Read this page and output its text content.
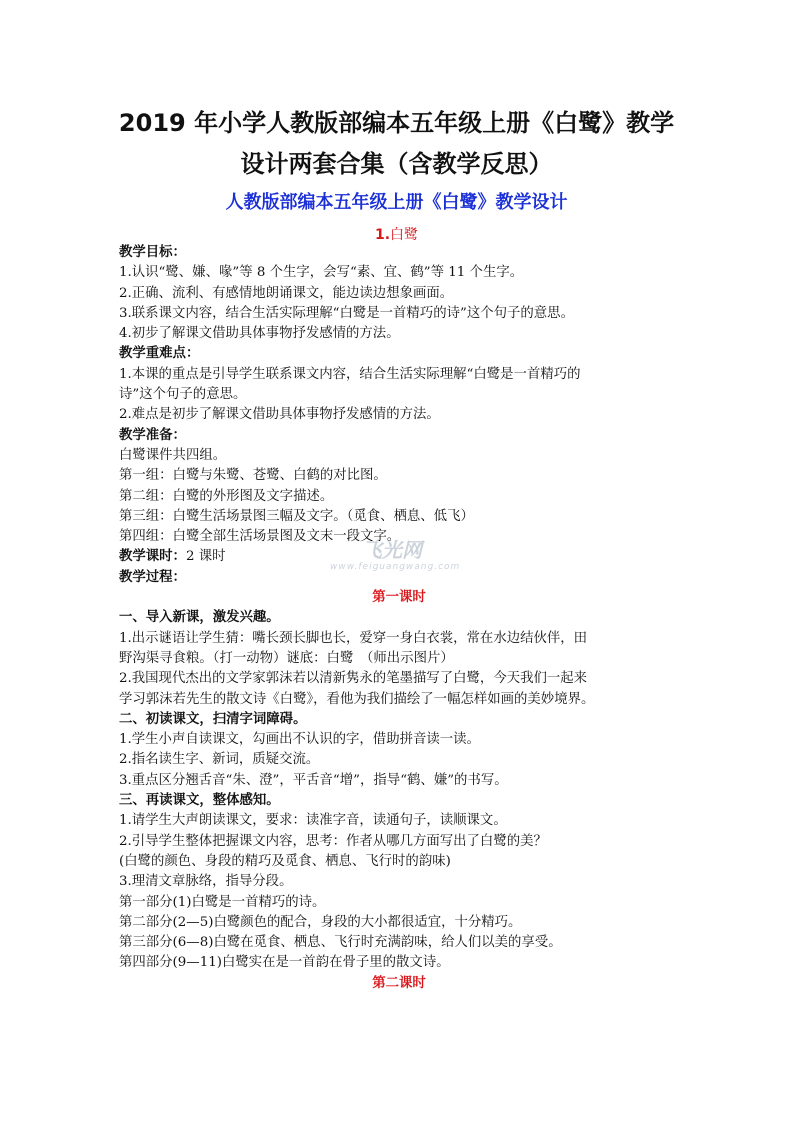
2019 年小学人教版部编本五年级上册《白鹭》教学
设计两套合集（含教学反思）
人教版部编本五年级上册《白鹭》教学设计
1.白鹭
教学目标：
1.认识“鹭、嫌、喙”等 8 个生字，会写“素、宜、鹤”等 11 个生字。
2.正确、流利、有感情地朗诵课文，能边读边想象画面。
3.联系课文内容，结合生活实际理解“白鹭是一首精巧的诗”这个句子的意思。
4.初步了解课文借助具体事物抒发感情的方法。
教学重难点：
1.本课的重点是引导学生联系课文内容，结合生活实际理解“白鹭是一首精巧的
诗”这个句子的意思。
2.难点是初步了解课文借助具体事物抒发感情的方法。
教学准备：
白鹭课件共四组。
第一组：白鹭与朱鹭、苍鹭、白鹤的对比图。
第二组：白鹭的外形图及文字描述。
第三组：白鹭生活场景图三幅及文字。（觅食、栖息、低飞）
第四组：白鹭全部生活场景图及文末一段文字。
教学课时：2 课时
教学过程：
第一课时
一、导入新课，激发兴趣。
1.出示谜语让学生猜：嘴长颈长脚也长，爱穿一身白衣裳，常在水边结伙伴，田
野沟渠寻食粮。（打一动物）谜底：白鹭　（师出示图片）
2.我国现代杰出的文学家郭沫若以清新隽永的笔墨描写了白鹭，今天我们一起来
学习郭沫若先生的散文诗《白鹭》，看他为我们描绘了一幅怎样如画的美妙境界。
二、初读课文，扫清字词障碍。
1.学生小声自读课文，勾画出不认识的字，借助拼音读一读。
2.指名读生字、新词，质疑交流。
3.重点区分翘舌音“朱、澄”，平舌音“增”，指导“鹤、嫌”的书写。
三、再读课文，整体感知。
1.请学生大声朗读课文，要求：读准字音，读通句子，读顺课文。
2.引导学生整体把握课文内容，思考：作者从哪几方面写出了白鹭的美？
(白鹭的颜色、身段的精巧及觅食、栖息、飞行时的韵味)
3.理清文章脉络，指导分段。
第一部分(1)白鹭是一首精巧的诗。
第二部分(2—5)白鹭颜色的配合，身段的大小都很适宜，十分精巧。
第三部分(6—8)白鹭在觅食、栖息、飞行时充满韵味，给人们以美的享受。
第四部分(9—11)白鹭实在是一首韵在骨子里的散文诗。
第二课时
飞光网
www.feiguangwang.com
